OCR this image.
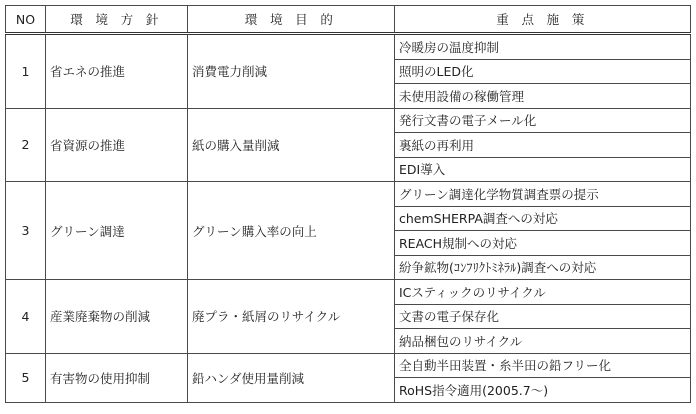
NO	環 境 方 針	環 境 目 的	重 点 施 策
1	省エネの推進	消費電力削減	冷暖房の温度抑制
			照明のLED化
			未使用設備の稼働管理
2	省資源の推進	紙の購入量削減	発行文書の電子メール化
			裏紙の再利用
			EDI導入
3	グリーン調達	グリーン購入率の向上	グリーン調達化学物質調査票の提示
			chemSHERPA調査への対応
			REACH規制への対応
			紛争鉱物(ｺﾝﾌﾘｸﾄﾐﾈﾗﾙ)調査への対応
4	産業廃棄物の削減	廃プラ・紙屑のリサイクル	ICスティックのリサイクル
			文書の電子保存化
			納品梱包のリサイクル
5	有害物の使用抑制	鉛ハンダ使用量削減	全自動半田装置・糸半田の鉛フリー化
			RoHS指令適用(2005.7～)
